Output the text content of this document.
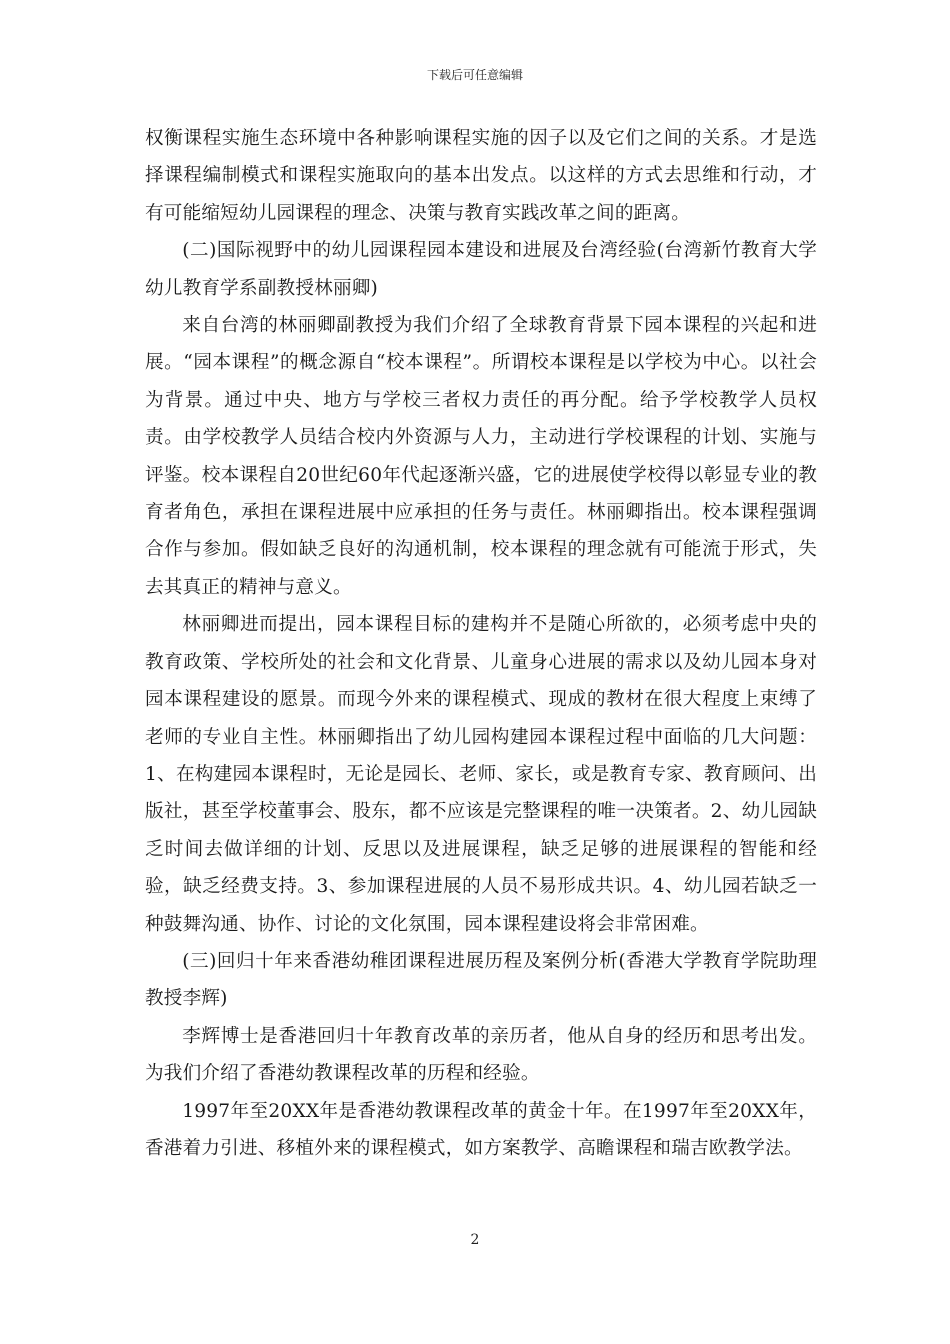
下载后可任意编辑

权衡课程实施生态环境中各种影响课程实施的因子以及它们之间的关系。才是选择课程编制模式和课程实施取向的基本出发点。以这样的方式去思维和行动，才有可能缩短幼儿园课程的理念、决策与教育实践改革之间的距离。

(二)国际视野中的幼儿园课程园本建设和进展及台湾经验(台湾新竹教育大学幼儿教育学系副教授林丽卿)

来自台湾的林丽卿副教授为我们介绍了全球教育背景下园本课程的兴起和进展。“园本课程”的概念源自“校本课程”。所谓校本课程是以学校为中心。以社会为背景。通过中央、地方与学校三者权力责任的再分配。给予学校教学人员权责。由学校教学人员结合校内外资源与人力，主动进行学校课程的计划、实施与评鉴。校本课程自20世纪60年代起逐渐兴盛，它的进展使学校得以彰显专业的教育者角色，承担在课程进展中应承担的任务与责任。林丽卿指出。校本课程强调合作与参加。假如缺乏良好的沟通机制，校本课程的理念就有可能流于形式，失去其真正的精神与意义。

林丽卿进而提出，园本课程目标的建构并不是随心所欲的，必须考虑中央的教育政策、学校所处的社会和文化背景、儿童身心进展的需求以及幼儿园本身对园本课程建设的愿景。而现今外来的课程模式、现成的教材在很大程度上束缚了老师的专业自主性。林丽卿指出了幼儿园构建园本课程过程中面临的几大问题：1、在构建园本课程时，无论是园长、老师、家长，或是教育专家、教育顾问、出版社，甚至学校董事会、股东，都不应该是完整课程的唯一决策者。2、幼儿园缺乏时间去做详细的计划、反思以及进展课程，缺乏足够的进展课程的智能和经验，缺乏经费支持。3、参加课程进展的人员不易形成共识。4、幼儿园若缺乏一种鼓舞沟通、协作、讨论的文化氛围，园本课程建设将会非常困难。

(三)回归十年来香港幼稚团课程进展历程及案例分析(香港大学教育学院助理教授李辉)

李辉博士是香港回归十年教育改革的亲历者，他从自身的经历和思考出发。为我们介绍了香港幼教课程改革的历程和经验。

1997年至20XX年是香港幼教课程改革的黄金十年。在1997年至20XX年，香港着力引进、移植外来的课程模式，如方案教学、高瞻课程和瑞吉欧教学法。

2
